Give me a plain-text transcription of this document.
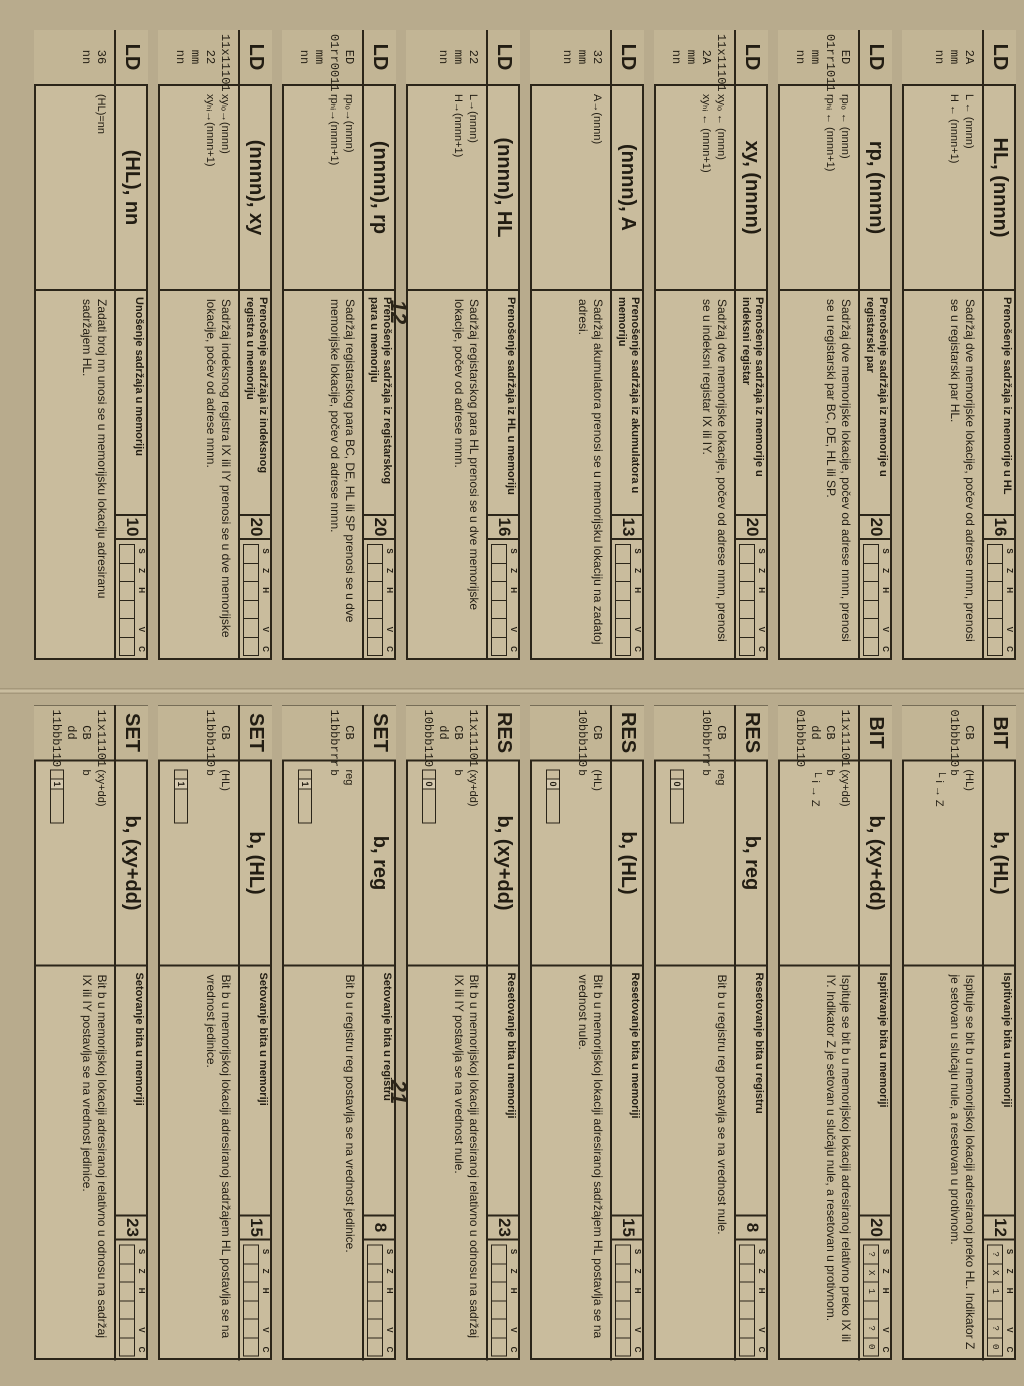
LD
HL, (nnnn)
Prenošenje sadržaja iz memorije u HL
16
S
Z
H
V
C
2A
mm
nn
L ← (nnnn)
H ← (nnnn+1)
Sadržaj dve memorijske lokacije, počev od adrese nnnn, prenosi se u registarski par HL.
LD
rp, (nnnn)
Prenošenje sadržaja iz memorije u registarski par
20
S
Z
H
V
C
ED
01rr1011
mm
nn
rpₗₒ ← (nnnn)
rpₕᵢ ← (nnnn+1)
Sadržaj dve memorijske lokacije, počev od adrese nnnn, prenosi se u registarski par BC, DE, HL ili SP.
LD
xy, (nnnn)
Prenošenje sadržaja iz memorije u indeksni registar
20
S
Z
H
V
C
11x11101
2A
mm
nn
xyₗₒ ← (nnnn)
xyₕᵢ ← (nnnn+1)
Sadržaj dve memorijske lokacije, počev od adrese nnnn, prenosi se u indeksni registar IX ili IY.
LD
(nnnn), A
Prenošenje sadržaja iz akumulatora u memoriju
13
S
Z
H
V
C
32
mm
nn
A→(nnnn)
Sadržaj akumulatora prenosi se u memorijsku lokaciju na zadatoj adresi.
LD
(nnnn), HL
Prenošenje sadržaja iz HL u memoriju
16
S
Z
H
V
C
22
mm
nn
L→(nnnn)
H→(nnnn+1)
Sadržaj registarskog para HL prenosi se u dve memorijske lokacije, počev od adrese nnnn.
LD
(nnnn), rp
Prenošenje sadržaja iz registarskog para u memoriju
20
S
Z
H
V
C
ED
01rr0011
mm
nn
rpₗₒ→(nnnn)
rpₕᵢ→(nnnn+1)
Sadržaj registarskog para BC, DE, HL ili SP prenosi se u dve memorijske lokacije, počev od adrese nnnn.
LD
(nnnn), xy
Prenošenje sadržaja iz indeksnog registra u memoriju
20
S
Z
H
V
C
11x11101
22
mm
nn
xyₗₒ→(nnnn)
xyₕᵢ→(nnnn+1)
Sadržaj indeksnog registra IX ili IY prenosi se u dve memorijske lokacije, počev od adrese nnnn.
LD
(HL), nn
Unošenje sadržaja u memoriju
10
S
Z
H
V
C
36
nn
(HL)=nn
Zadati broj nn unosi se u memorijsku lokaciju adresiranu sadržajem HL.
BIT
b, (HL)
Ispitivanje bita u memoriji
12
S
Z
H
V
C
?
X
1
?
0
CB
01bbb110
(HL)
b
└ i → Z
Ispituje se bit b u memorijskoj lokaciji adresiranoj preko HL. Indikator Z je setovan u slučaju nule, a resetovan u protivnom.
BIT
b, (xy+dd)
Ispitivanje bita u memoriji
20
S
Z
H
V
C
?
X
1
?
0
11x11101
CB
dd
01bbb110
(xy+dd)
b
└ i → Z
Ispituje se bit b u memorijskoj lokaciji adresiranoj relativno preko IX ili IY. Indikator Z je setovan u slučaju nule, a resetovan u protivnom.
RES
b, reg
Resetovanje bita u registru
8
S
Z
H
V
C
CB
10bbbrrr
reg
b
0
Bit b u registru reg postavlja se na vrednost nule.
RES
b, (HL)
Resetovanje bita u memoriji
15
S
Z
H
V
C
CB
10bbb110
(HL)
b
0
Bit b u memorijskoj lokaciji adresiranoj sadržajem HL postavlja se na vrednost nule.
RES
b, (xy+dd)
Resetovanje bita u memoriji
23
S
Z
H
V
C
11x11101
CB
dd
10bbb110
(xy+dd)
b
0
Bit b u memorijskoj lokaciji adresiranoj relativno u odnosu na sadržaj IX ili IY postavlja se na vrednost nule.
SET
b, reg
Setovanje bita u registru
8
S
Z
H
V
C
CB
11bbbrrr
reg
b
1
Bit b u registru reg postavlja se na vrednost jedinice.
SET
b, (HL)
Setovanje bita u memoriji
15
S
Z
H
V
C
CB
11bbb110
(HL)
b
1
Bit b u memorijskoj lokaciji adresiranoj sadržajem HL postavlja se na vrednost jedinice.
SET
b, (xy+dd)
Setovanje bita u memoriji
23
S
Z
H
V
C
11x11101
CB
dd
11bbb110
(xy+dd)
b
1
Bit b u memorijskoj lokaciji adresiranoj relativno u odnosu na sadržaj IX ili IY postavlja se na vrednost jedinice.
12
21
